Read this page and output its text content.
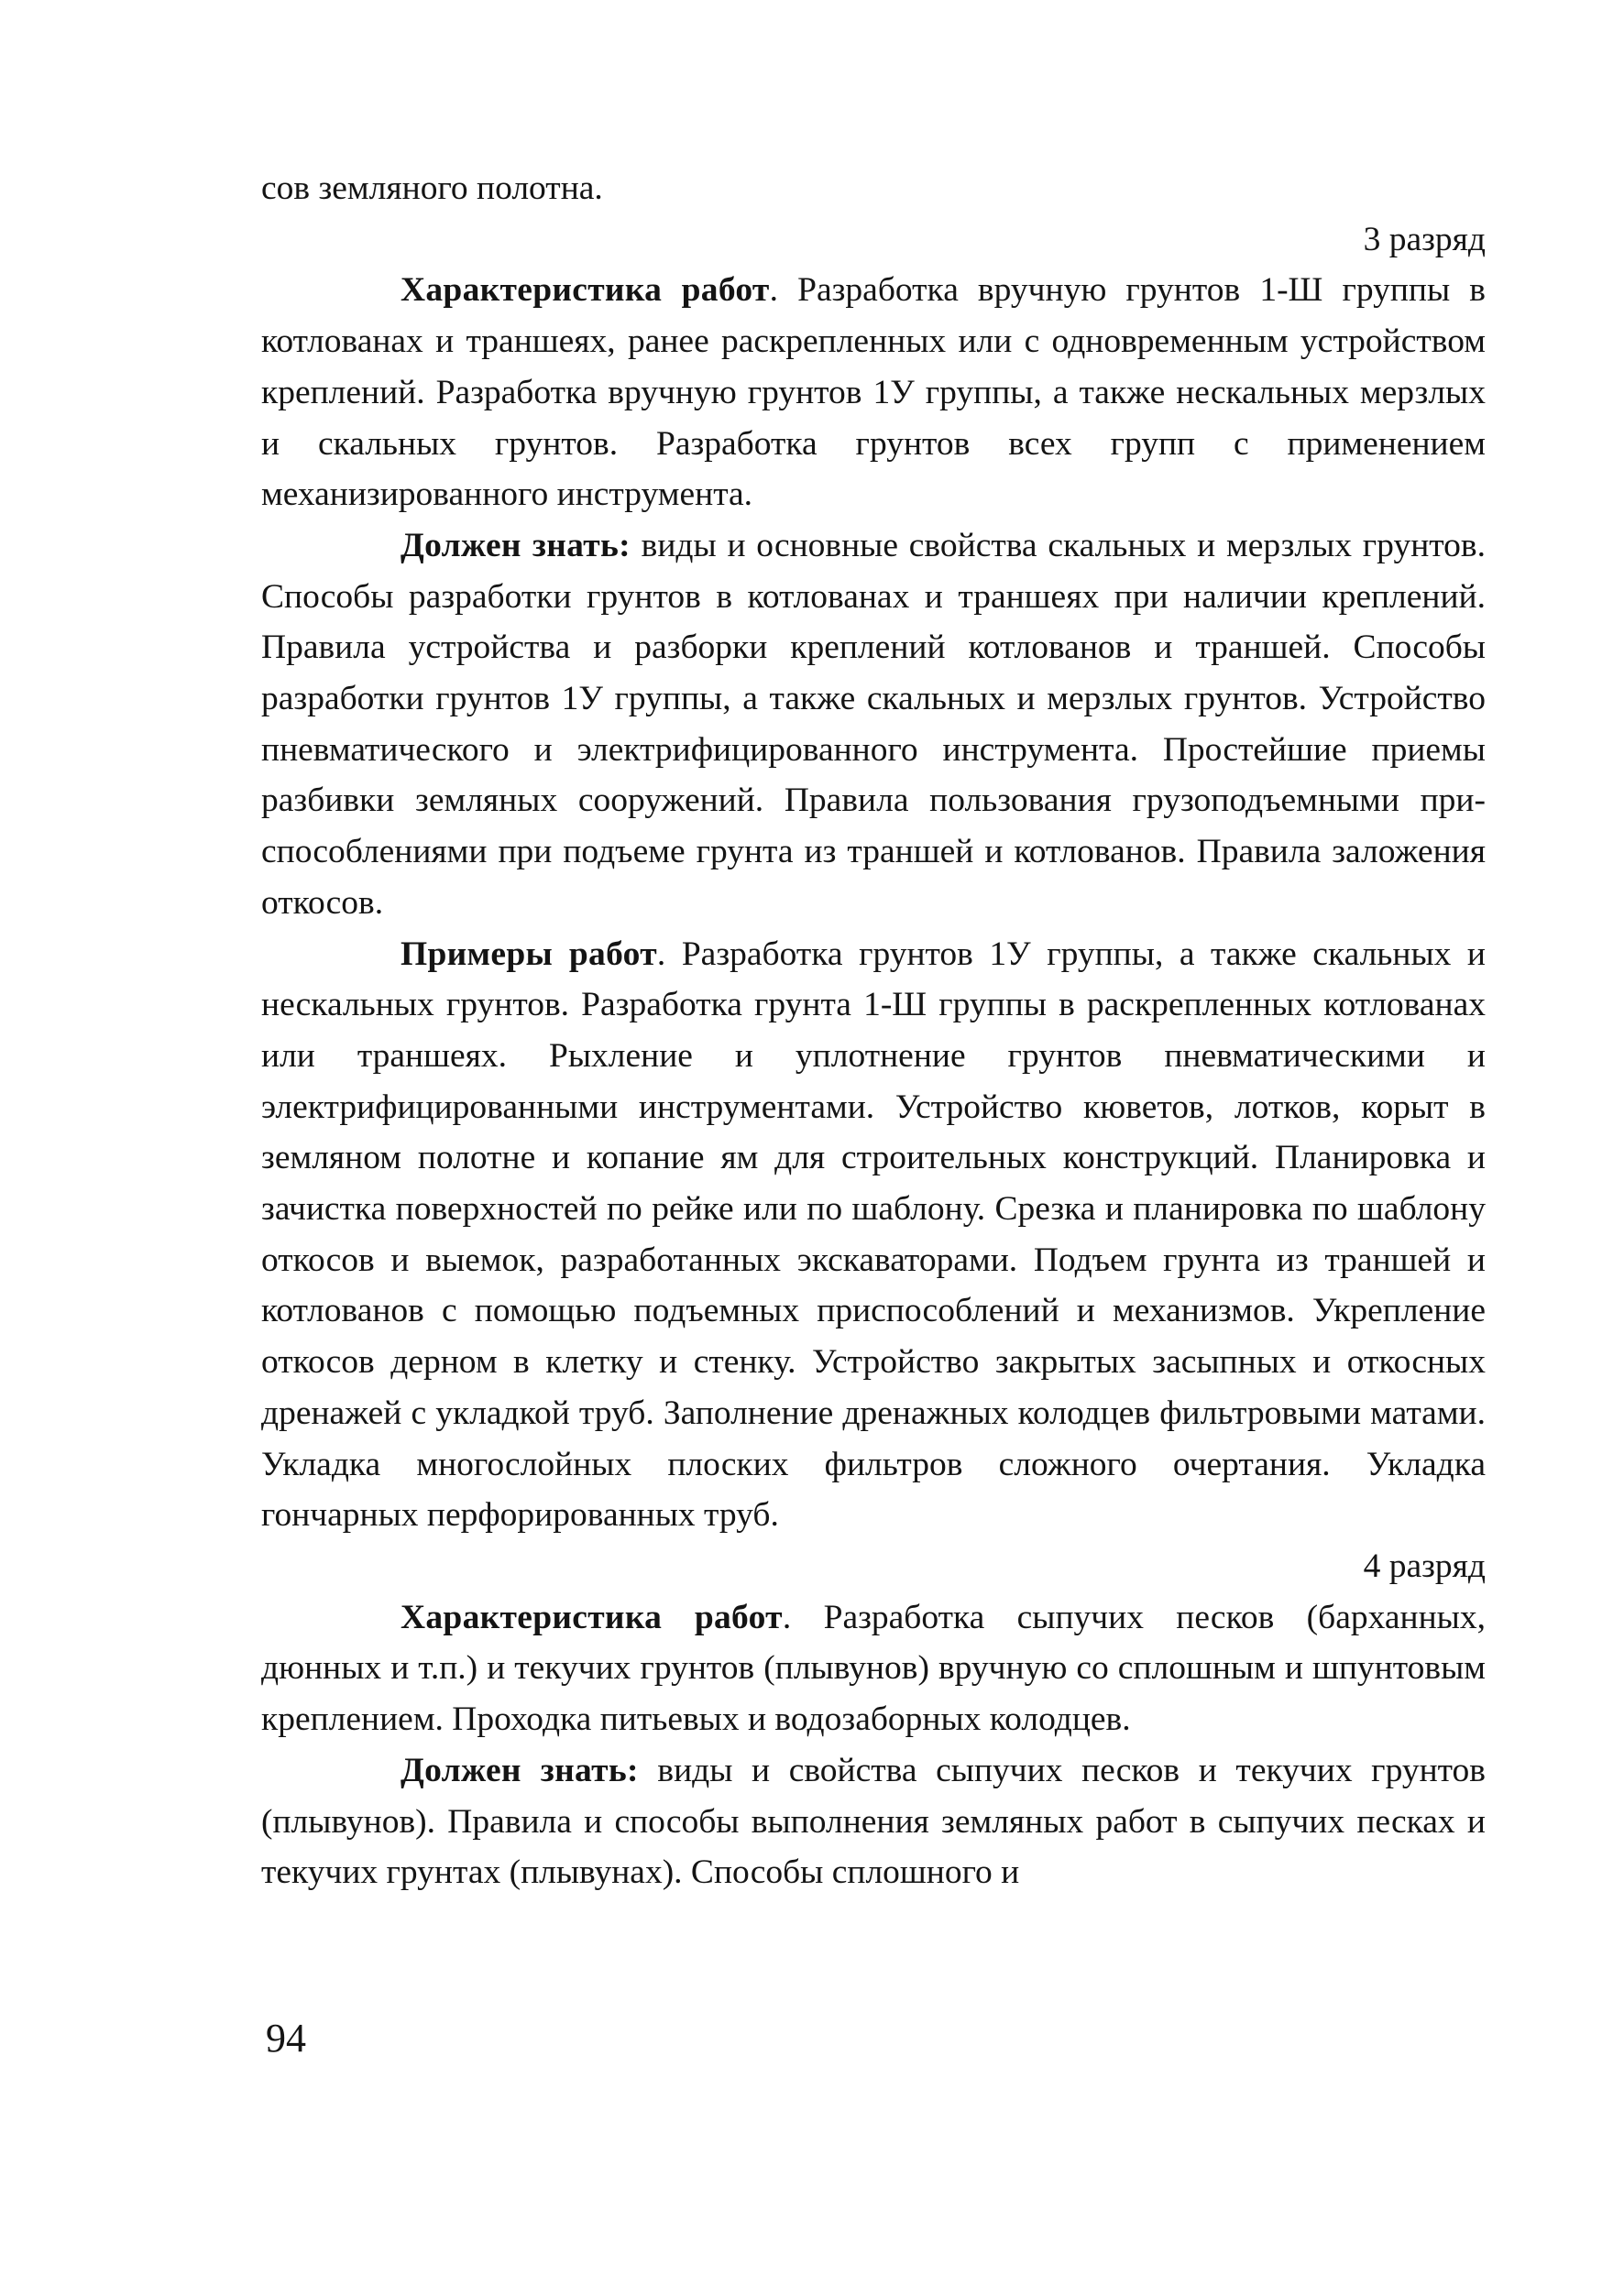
сов земляного полотна.

3 разряд

Характеристика работ. Разработка вручную грунтов 1-Ш группы в котлованах и траншеях, ранее раскрепленных или с одновременным устройством креплений. Разработка вручную грунтов 1У группы, а также нескальных мерзлых и скальных грунтов. Разработка грунтов всех групп с применением механизированного инструмента.

Должен знать: виды и основные свойства скальных и мерзлых грунтов. Способы разработки грунтов в котлованах и траншеях при наличии креплений. Правила устройства и разборки креплений котлованов и траншей. Способы разработки грунтов 1У группы, а также скальных и мерзлых грунтов. Устройство пневматического и электрифицированного инструмента. Простейшие приемы разбивки земляных сооружений. Правила пользования грузоподъемными приспособлениями при подъеме грунта из траншей и котлованов. Правила заложения откосов.

Примеры работ. Разработка грунтов 1У группы, а также скальных и нескальных грунтов. Разработка грунта 1-Ш группы в раскрепленных котлованах или траншеях. Рыхление и уплотнение грунтов пневматическими и электрифицированными инструментами. Устройство кюветов, лотков, корыт в земляном полотне и копание ям для строительных конструкций. Планировка и зачистка поверхностей по рейке или по шаблону. Срезка и планировка по шаблону откосов и выемок, разработанных экскаваторами. Подъем грунта из траншей и котлованов с помощью подъемных приспособлений и механизмов. Укрепление откосов дерном в клетку и стенку. Устройство закрытых засыпных и откосных дренажей с укладкой труб. Заполнение дренажных колодцев фильтровыми матами. Укладка многослойных плоских фильтров сложного очертания. Укладка гончарных перфорированных труб.

4 разряд

Характеристика работ. Разработка сыпучих песков (барханных, дюнных и т.п.) и текучих грунтов (плывунов) вручную со сплошным и шпунтовым креплением. Проходка питьевых и водозаборных колодцев.

Должен знать: виды и свойства сыпучих песков и текучих грунтов (плывунов). Правила и способы выполнения земляных работ в сыпучих песках и текучих грунтах (плывунах). Способы сплошного и

94
